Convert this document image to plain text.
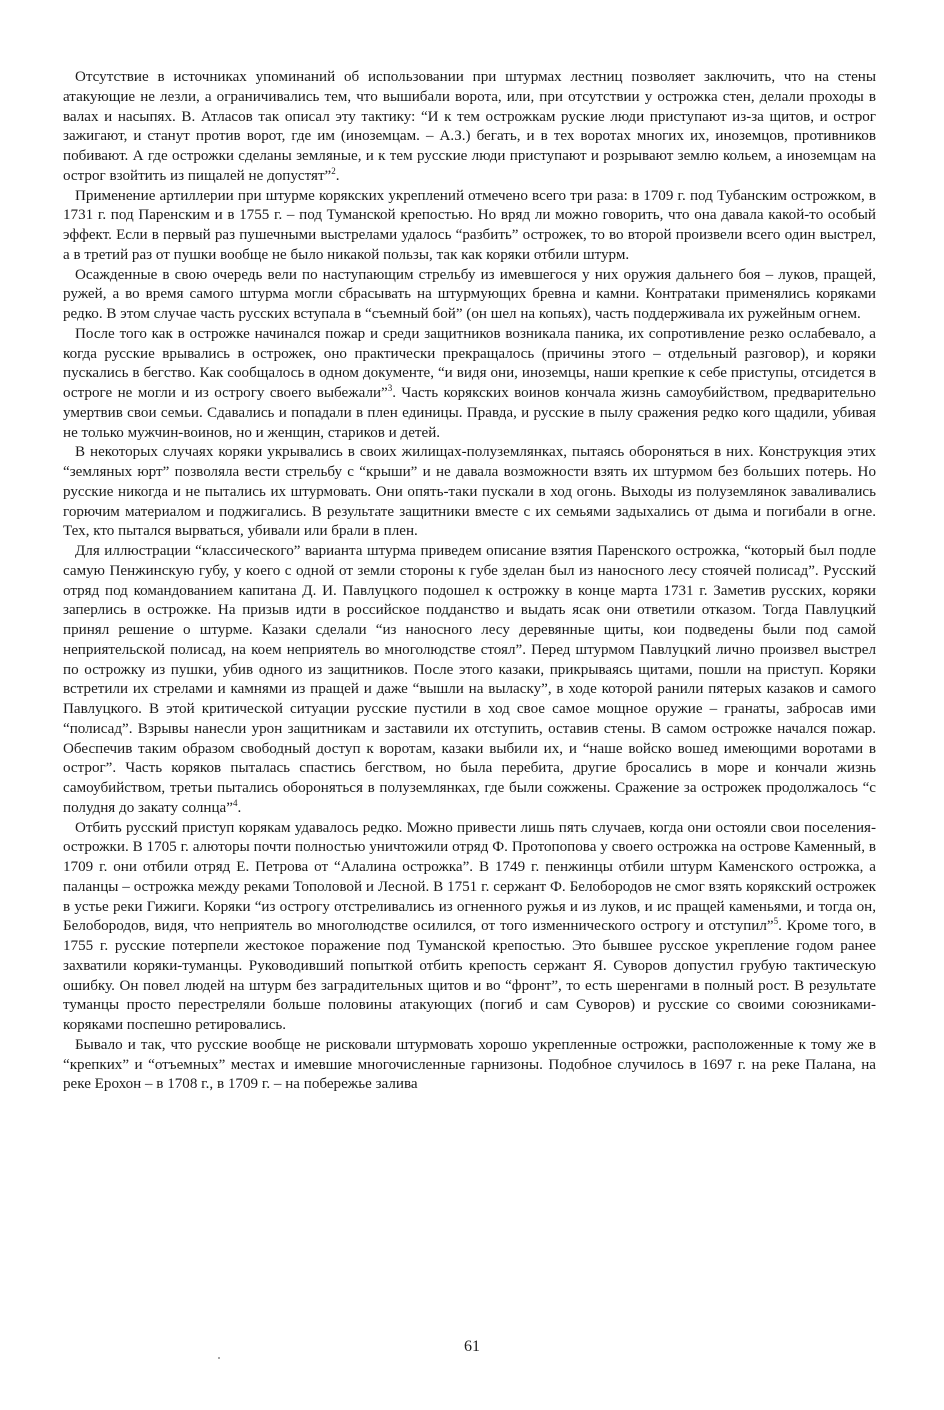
Отсутствие в источниках упоминаний об использовании при штурмах лестниц позволяет заключить, что на стены атакующие не лезли, а ограничивались тем, что вышибали ворота, или, при отсутствии у острожка стен, делали проходы в валах и насыпях. В. Атласов так описал эту тактику: “И к тем острожкам руские люди приступают из-за щитов, и острог зажигают, и станут против ворот, где им (иноземцам. – А.З.) бегать, и в тех воротах многих их, иноземцов, противников побивают. А где острожки сделаны земляные, и к тем русские люди приступают и розрывают землю кольем, а иноземцам на острог взойтить из пищалей не допустят”$^2$.

Применение артиллерии при штурме корякских укреплений отмечено всего три раза: в 1709 г. под Тубанским острожком, в 1731 г. под Паренским и в 1755 г. – под Туманской крепостью. Но вряд ли можно говорить, что она давала какой-то особый эффект. Если в первый раз пушечными выстрелами удалось “разбить” острожек, то во второй произвели всего один выстрел, а в третий раз от пушки вообще не было никакой пользы, так как коряки отбили штурм.

Осажденные в свою очередь вели по наступающим стрельбу из имевшегося у них оружия дальнего боя – луков, пращей, ружей, а во время самого штурма могли сбрасывать на штурмующих бревна и камни. Контратаки применялись коряками редко. В этом случае часть русских вступала в “съемный бой” (он шел на копьях), часть поддерживала их ружейным огнем.

После того как в острожке начинался пожар и среди защитников возникала паника, их сопротивление резко ослабевало, а когда русские врывались в острожек, оно практически прекращалось (причины этого – отдельный разговор), и коряки пускались в бегство. Как сообщалось в одном документе, “и видя они, иноземцы, наши крепкие к себе приступы, отсидется в остроге не могли и из острогу своего выбежали”$^3$. Часть корякских воинов кончала жизнь самоубийством, предварительно умертвив свои семьи. Сдавались и попадали в плен единицы. Правда, и русские в пылу сражения редко кого щадили, убивая не только мужчин-воинов, но и женщин, стариков и детей.

В некоторых случаях коряки укрывались в своих жилищах-полуземлянках, пытаясь обороняться в них. Конструкция этих “земляных юрт” позволяла вести стрельбу с “крыши” и не давала возможности взять их штурмом без больших потерь. Но русские никогда и не пытались их штурмовать. Они опять-таки пускали в ход огонь. Выходы из полуземлянок заваливались горючим материалом и поджигались. В результате защитники вместе с их семьями задыхались от дыма и погибали в огне. Тех, кто пытался вырваться, убивали или брали в плен.

Для иллюстрации “классического” варианта штурма приведем описание взятия Паренского острожка, “который был подле самую Пенжинскую губу, у коего с одной от земли стороны к губе зделан был из наносного лесу стоячей полисад”. Русский отряд под командованием капитана Д. И. Павлуцкого подошел к острожку в конце марта 1731 г. Заметив русских, коряки заперлись в острожке. На призыв идти в российское подданство и выдать ясак они ответили отказом. Тогда Павлуцкий принял решение о штурме. Казаки сделали “из наносного лесу деревянные щиты, кои подведены были под самой неприятельской полисад, на коем неприятель во многолюдстве стоял”. Перед штурмом Павлуцкий лично произвел выстрел по острожку из пушки, убив одного из защитников. После этого казаки, прикрываясь щитами, пошли на приступ. Коряки встретили их стрелами и камнями из пращей и даже “вышли на выласку”, в ходе которой ранили пятерых казаков и самого Павлуцкого. В этой критической ситуации русские пустили в ход свое самое мощное оружие – гранаты, забросав ими “полисад”. Взрывы нанесли урон защитникам и заставили их отступить, оставив стены. В самом острожке начался пожар. Обеспечив таким образом свободный доступ к воротам, казаки выбили их, и “наше войско вошед имеющими воротами в острог”. Часть коряков пыталась спастись бегством, но была перебита, другие бросались в море и кончали жизнь самоубийством, третьи пытались обороняться в полуземлянках, где были сожжены. Сражение за острожек продолжалось “с полудня до закату солнца”$^4$.

Отбить русский приступ корякам удавалось редко. Можно привести лишь пять случаев, когда они остояли свои поселения-острожки. В 1705 г. алюторы почти полностью уничтожили отряд Ф. Протопопова у своего острожка на острове Каменный, в 1709 г. они отбили отряд Е. Петрова от “Алалина острожка”. В 1749 г. пенжинцы отбили штурм Каменского острожка, а паланцы – острожка между реками Тополовой и Лесной. В 1751 г. сержант Ф. Белобородов не смог взять корякский острожек в устье реки Гижиги. Коряки “из острогу отстреливались из огненного ружья и из луков, и ис пращей каменьями, и тогда он, Белобородов, видя, что неприятель во многолюдстве осилился, от того изменнического острогу и отступил”$^5$. Кроме того, в 1755 г. русские потерпели жестокое поражение под Туманской крепостью. Это бывшее русское укрепление годом ранее захватили коряки-туманцы. Руководивший попыткой отбить крепость сержант Я. Суворов допустил грубую тактическую ошибку. Он повел людей на штурм без заградительных щитов и во “фронт”, то есть шеренгами в полный рост. В результате туманцы просто перестреляли больше половины атакующих (погиб и сам Суворов) и русские со своими союзниками-коряками поспешно ретировались.

Бывало и так, что русские вообще не рисковали штурмовать хорошо укрепленные острожки, расположенные к тому же в “крепких” и “отъемных” местах и имевшие многочисленные гарнизоны. Подобное случилось в 1697 г. на реке Палана, на реке Ерохон – в 1708 г., в 1709 г. – на побережье залива

61
